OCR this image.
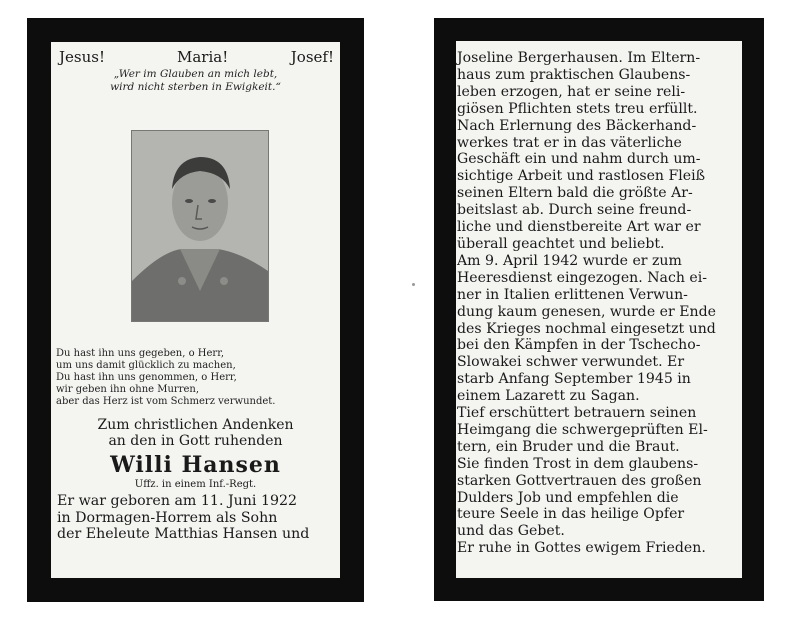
Jesus!	Maria!	Josef!
„Wer im Glauben an mich lebt,
wird nicht sterben in Ewigkeit.“
Du hast ihn uns gegeben, o Herr,
um uns damit glücklich zu machen,
Du hast ihn uns genommen, o Herr,
wir geben ihn ohne Murren,
aber das Herz ist vom Schmerz verwundet.
Zum christlichen Andenken
an den in Gott ruhenden
Willi Hansen
Uffz. in einem Inf.-Regt.
Er war geboren am 11. Juni 1922
in Dormagen-Horrem als Sohn
der Eheleute Matthias Hansen und
Joseline Bergerhausen. Im Eltern-
haus zum praktischen Glaubens-
leben erzogen, hat er seine reli-
giösen Pflichten stets treu erfüllt.
Nach Erlernung des Bäckerhand-
werkes trat er in das väterliche
Geschäft ein und nahm durch um-
sichtige Arbeit und rastlosen Fleiß
seinen Eltern bald die größte Ar-
beitslast ab. Durch seine freund-
liche und dienstbereite Art war er
überall geachtet und beliebt.
Am 9. April 1942 wurde er zum
Heeresdienst eingezogen. Nach ei-
ner in Italien erlittenen Verwun-
dung kaum genesen, wurde er Ende
des Krieges nochmal eingesetzt und
bei den Kämpfen in der Tschecho-
Slowakei schwer verwundet. Er
starb Anfang September 1945 in
einem Lazarett zu Sagan.
Tief erschüttert betrauern seinen
Heimgang die schwergeprüften El-
tern, ein Bruder und die Braut.
Sie finden Trost in dem glaubens-
starken Gottvertrauen des großen
Dulders Job und empfehlen die
teure Seele in das heilige Opfer
und das Gebet.
Er ruhe in Gottes ewigem Frieden.
